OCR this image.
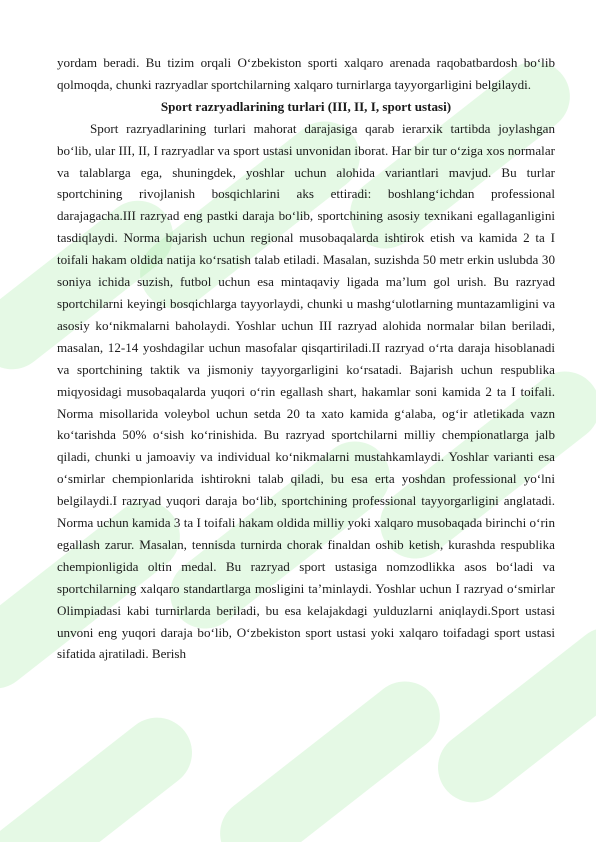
yordam beradi. Bu tizim orqali O‘zbekiston sporti xalqaro arenada raqobatbardosh bo‘lib qolmoqda, chunki razryadlar sportchilarning xalqaro turnirlarga tayyorgarligini belgilaydi.

Sport razryadlarining turlari (III, II, I, sport ustasi)

Sport razryadlarining turlari mahorat darajasiga qarab ierarxik tartibda joylashgan bo‘lib, ular III, II, I razryadlar va sport ustasi unvonidan iborat. Har bir tur o‘ziga xos normalar va talablarga ega, shuningdek, yoshlar uchun alohida variantlari mavjud. Bu turlar sportchining rivojlanish bosqichlarini aks ettiradi: boshlang‘ichdan professional darajagacha.III razryad eng pastki daraja bo‘lib, sportchining asosiy texnikani egallaganligini tasdiqlaydi. Norma bajarish uchun regional musobaqalarda ishtirok etish va kamida 2 ta I toifali hakam oldida natija ko‘rsatish talab etiladi. Masalan, suzishda 50 metr erkin uslubda 30 soniya ichida suzish, futbol uchun esa mintaqaviy ligada ma’lum gol urish. Bu razryad sportchilarni keyingi bosqichlarga tayyorlaydi, chunki u mashg‘ulotlarning muntazamligini va asosiy ko‘nikmalarni baholaydi. Yoshlar uchun III razryad alohida normalar bilan beriladi, masalan, 12-14 yoshdagilar uchun masofalar qisqartiriladi.II razryad o‘rta daraja hisoblanadi va sportchining taktik va jismoniy tayyorgarligini ko‘rsatadi. Bajarish uchun respublika miqyosidagi musobaqalarda yuqori o‘rin egallash shart, hakamlar soni kamida 2 ta I toifali. Norma misollarida voleybol uchun setda 20 ta xato kamida g‘alaba, og‘ir atletikada vazn ko‘tarishda 50% o‘sish ko‘rinishida. Bu razryad sportchilarni milliy chempionatlarga jalb qiladi, chunki u jamoaviy va individual ko‘nikmalarni mustahkamlaydi. Yoshlar varianti esa o‘smirlar chempionlarida ishtirokni talab qiladi, bu esa erta yoshdan professional yo‘lni belgilaydi.I razryad yuqori daraja bo‘lib, sportchining professional tayyorgarligini anglatadi. Norma uchun kamida 3 ta I toifali hakam oldida milliy yoki xalqaro musobaqada birinchi o‘rin egallash zarur. Masalan, tennisda turnirda chorak finaldan oshib ketish, kurashda respublika chempionligida oltin medal. Bu razryad sport ustasiga nomzodlikka asos bo‘ladi va sportchilarning xalqaro standartlarga mosligini ta’minlaydi. Yoshlar uchun I razryad o‘smirlar Olimpiadasi kabi turnirlarda beriladi, bu esa kelajakdagi yulduzlarni aniqlaydi.Sport ustasi unvoni eng yuqori daraja bo‘lib, O‘zbekiston sport ustasi yoki xalqaro toifadagi sport ustasi sifatida ajratiladi. Berish
